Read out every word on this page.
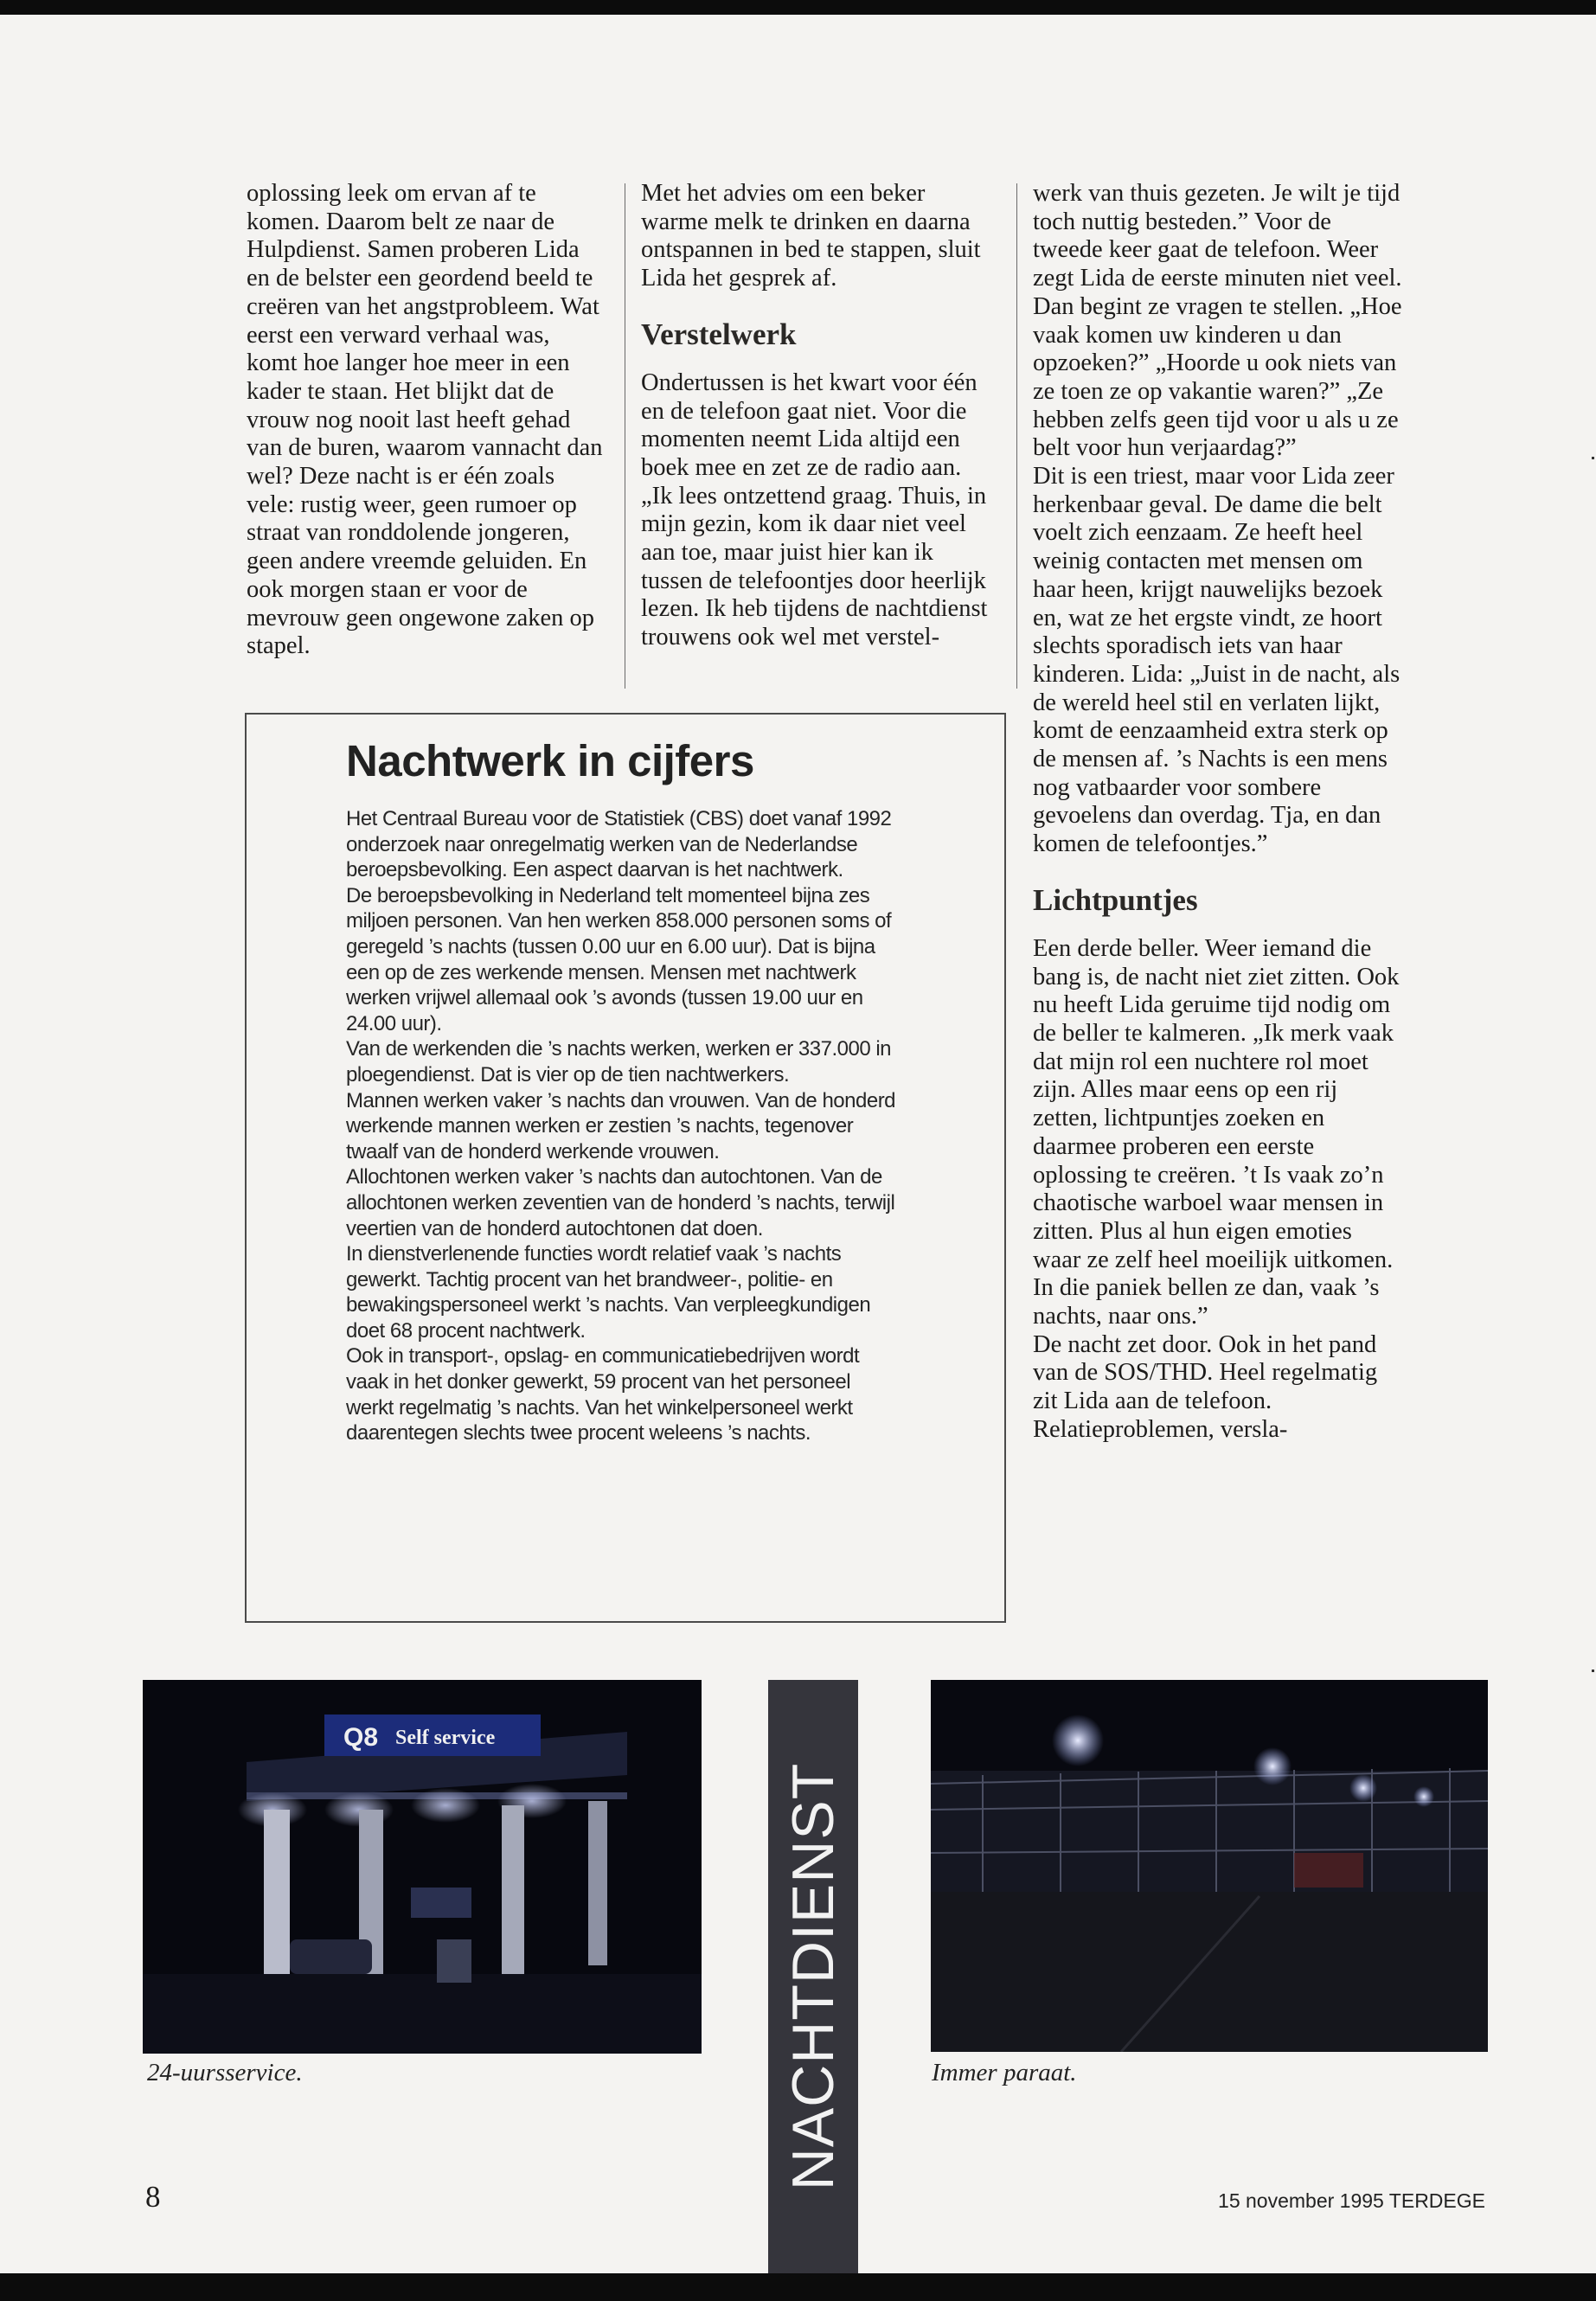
oplossing leek om ervan af te komen. Daarom belt ze naar de Hulpdienst. Samen proberen Lida en de belster een geordend beeld te creëren van het angstprobleem. Wat eerst een verward verhaal was, komt hoe langer hoe meer in een kader te staan. Het blijkt dat de vrouw nog nooit last heeft gehad van de buren, waarom vannacht dan wel? Deze nacht is er één zoals vele: rustig weer, geen rumoer op straat van ronddolende jongeren, geen andere vreemde geluiden. En ook morgen staan er voor de mevrouw geen ongewone zaken op stapel.

Met het advies om een beker warme melk te drinken en daarna ontspannen in bed te stappen, sluit Lida het gesprek af.

Verstelwerk

Ondertussen is het kwart voor één en de telefoon gaat niet. Voor die momenten neemt Lida altijd een boek mee en zet ze de radio aan. „Ik lees ontzettend graag. Thuis, in mijn gezin, kom ik daar niet veel aan toe, maar juist hier kan ik tussen de telefoontjes door heerlijk lezen. Ik heb tijdens de nachtdienst trouwens ook wel met verstel-

werk van thuis gezeten. Je wilt je tijd toch nuttig besteden.” Voor de tweede keer gaat de telefoon. Weer zegt Lida de eerste minuten niet veel. Dan begint ze vragen te stellen. „Hoe vaak komen uw kinderen u dan opzoeken?” „Hoorde u ook niets van ze toen ze op vakantie waren?” „Ze hebben zelfs geen tijd voor u als u ze belt voor hun verjaardag?”

Dit is een triest, maar voor Lida zeer herkenbaar geval. De dame die belt voelt zich eenzaam. Ze heeft heel weinig contacten met mensen om haar heen, krijgt nauwelijks bezoek en, wat ze het ergste vindt, ze hoort slechts sporadisch iets van haar kinderen. Lida: „Juist in de nacht, als de wereld heel stil en verlaten lijkt, komt de eenzaamheid extra sterk op de mensen af. ’s Nachts is een mens nog vatbaarder voor sombere gevoelens dan overdag. Tja, en dan komen de telefoontjes.”

Lichtpuntjes

Een derde beller. Weer iemand die bang is, de nacht niet ziet zitten. Ook nu heeft Lida geruime tijd nodig om de beller te kalmeren. „Ik merk vaak dat mijn rol een nuchtere rol moet zijn. Alles maar eens op een rij zetten, lichtpuntjes zoeken en daarmee proberen een eerste oplossing te creëren. ’t Is vaak zo’n chaotische warboel waar mensen in zitten. Plus al hun eigen emoties waar ze zelf heel moeilijk uitkomen. In die paniek bellen ze dan, vaak ’s nachts, naar ons.”

De nacht zet door. Ook in het pand van de SOS/THD. Heel regelmatig zit Lida aan de telefoon. Relatieproblemen, versla-

Nachtwerk in cijfers

Het Centraal Bureau voor de Statistiek (CBS) doet vanaf 1992 onderzoek naar onregelmatig werken van de Nederlandse beroepsbevolking. Een aspect daarvan is het nachtwerk.

De beroepsbevolking in Nederland telt momenteel bijna zes miljoen personen. Van hen werken 858.000 personen soms of geregeld ’s nachts (tussen 0.00 uur en 6.00 uur). Dat is bijna een op de zes werkende mensen. Mensen met nachtwerk werken vrijwel allemaal ook ’s avonds (tussen 19.00 uur en 24.00 uur).

Van de werkenden die ’s nachts werken, werken er 337.000 in ploegendienst. Dat is vier op de tien nachtwerkers.

Mannen werken vaker ’s nachts dan vrouwen. Van de honderd werkende mannen werken er zestien ’s nachts, tegenover twaalf van de honderd werkende vrouwen.

Allochtonen werken vaker ’s nachts dan autochtonen. Van de allochtonen werken zeventien van de honderd ’s nachts, terwijl veertien van de honderd autochtonen dat doen.

In dienstverlenende functies wordt relatief vaak ’s nachts gewerkt. Tachtig procent van het brandweer-, politie- en bewakingspersoneel werkt ’s nachts. Van verpleegkundigen doet 68 procent nachtwerk.

Ook in transport-, opslag- en communicatiebedrijven wordt vaak in het donker gewerkt, 59 procent van het personeel werkt regelmatig ’s nachts. Van het winkelpersoneel werkt daarentegen slechts twee procent weleens ’s nachts.

Q8 Self service
24-uursservice.	NACHTDIENST	Immer paraat.
8	15 november 1995 TERDEGE
